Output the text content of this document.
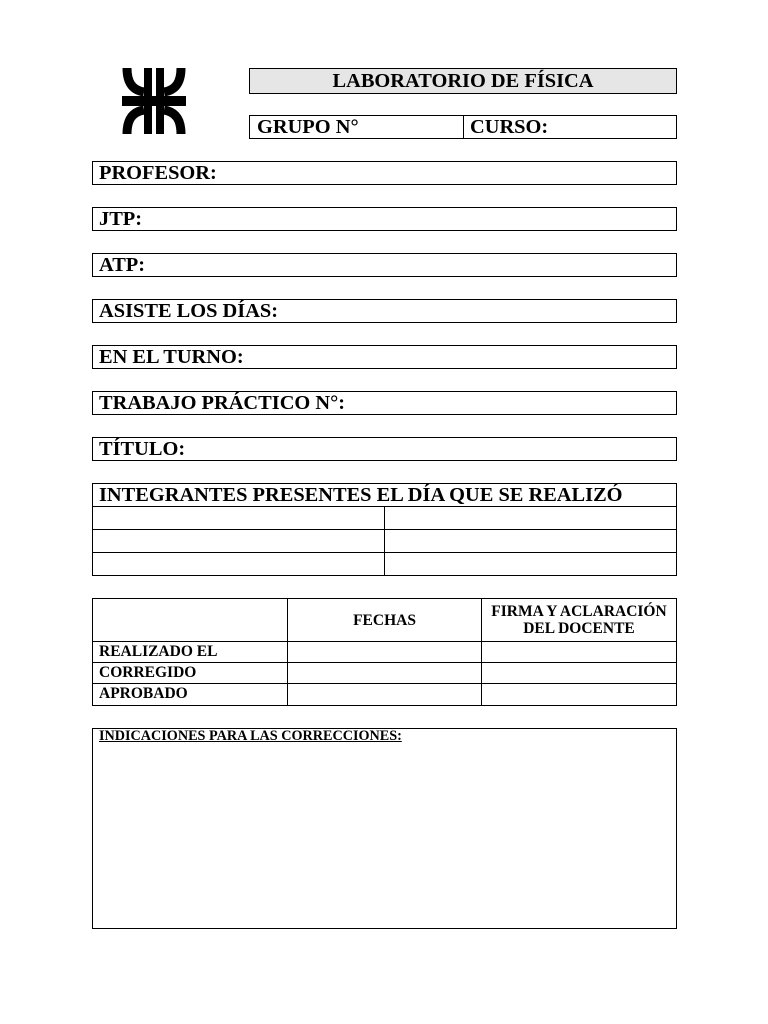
LABORATORIO DE FÍSICA
GRUPO N°	CURSO:
PROFESOR:
JTP:
ATP:
ASISTE LOS DÍAS:
EN EL TURNO:
TRABAJO PRÁCTICO N°:
TÍTULO:
INTEGRANTES PRESENTES EL DÍA QUE SE REALIZÓ
FECHAS	FIRMA Y ACLARACIÓN DEL DOCENTE
REALIZADO EL
CORREGIDO
APROBADO
INDICACIONES PARA LAS CORRECCIONES:
